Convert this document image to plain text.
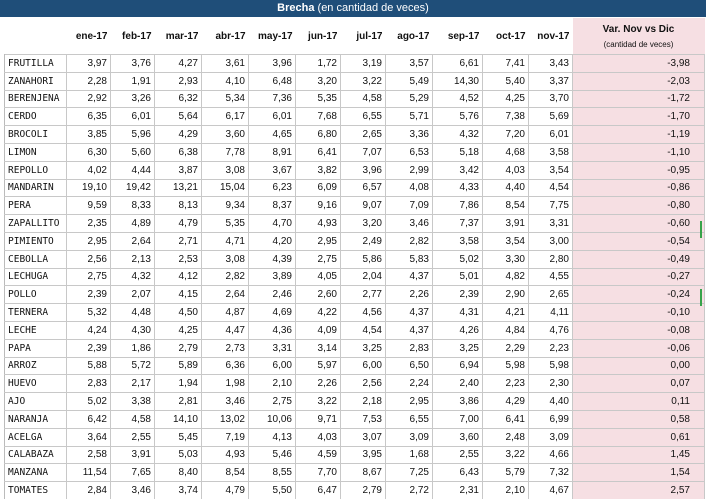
Brecha (en cantidad de veces)
	ene-17	feb-17	mar-17	abr-17	may-17	jun-17	jul-17	ago-17	sep-17	oct-17	nov-17	Var. Nov vs Dic
(cantidad de veces)

FRUTILLA	3,97	3,76	4,27	3,61	3,96	1,72	3,19	3,57	6,61	7,41	3,43	-3,98
ZANAHORI	2,28	1,91	2,93	4,10	6,48	3,20	3,22	5,49	14,30	5,40	3,37	-2,03
BERENJENA	2,92	3,26	6,32	5,34	7,36	5,35	4,58	5,29	4,52	4,25	3,70	-1,72
CERDO	6,35	6,01	5,64	6,17	6,01	7,68	6,55	5,71	5,76	7,38	5,69	-1,70
BROCOLI	3,85	5,96	4,29	3,60	4,65	6,80	2,65	3,36	4,32	7,20	6,01	-1,19
LIMON	6,30	5,60	6,38	7,78	8,91	6,41	7,07	6,53	5,18	4,68	3,58	-1,10
REPOLLO	4,02	4,44	3,87	3,08	3,67	3,82	3,96	2,99	3,42	4,03	3,54	-0,95
MANDARIN	19,10	19,42	13,21	15,04	6,23	6,09	6,57	4,08	4,33	4,40	4,54	-0,86
PERA	9,59	8,33	8,13	9,34	8,37	9,16	9,07	7,09	7,86	8,54	7,75	-0,80
ZAPALLITO	2,35	4,89	4,79	5,35	4,70	4,93	3,20	3,46	7,37	3,91	3,31	-0,60
PIMIENTO	2,95	2,64	2,71	4,71	4,20	2,95	2,49	2,82	3,58	3,54	3,00	-0,54
CEBOLLA	2,56	2,13	2,53	3,08	4,39	2,75	5,86	5,83	5,02	3,30	2,80	-0,49
LECHUGA	2,75	4,32	4,12	2,82	3,89	4,05	2,04	4,37	5,01	4,82	4,55	-0,27
POLLO	2,39	2,07	4,15	2,64	2,46	2,60	2,77	2,26	2,39	2,90	2,65	-0,24
TERNERA	5,32	4,48	4,50	4,87	4,69	4,22	4,56	4,37	4,31	4,21	4,11	-0,10
LECHE	4,24	4,30	4,25	4,47	4,36	4,09	4,54	4,37	4,26	4,84	4,76	-0,08
PAPA	2,39	1,86	2,79	2,73	3,31	3,14	3,25	2,83	3,25	2,29	2,23	-0,06
ARROZ	5,88	5,72	5,89	6,36	6,00	5,97	6,00	6,50	6,94	5,98	5,98	0,00
HUEVO	2,83	2,17	1,94	1,98	2,10	2,26	2,56	2,24	2,40	2,23	2,30	0,07
AJO	5,02	3,38	2,81	3,46	2,75	3,22	2,18	2,95	3,86	4,29	4,40	0,11
NARANJA	6,42	4,58	14,10	13,02	10,06	9,71	7,53	6,55	7,00	6,41	6,99	0,58
ACELGA	3,64	2,55	5,45	7,19	4,13	4,03	3,07	3,09	3,60	2,48	3,09	0,61
CALABAZA	2,58	3,91	5,03	4,93	5,46	4,59	3,95	1,68	2,55	3,22	4,66	1,45
MANZANA	11,54	7,65	8,40	8,54	8,55	7,70	8,67	7,25	6,43	5,79	7,32	1,54
TOMATES	2,84	3,46	3,74	4,79	5,50	6,47	2,79	2,72	2,31	2,10	4,67	2,57
